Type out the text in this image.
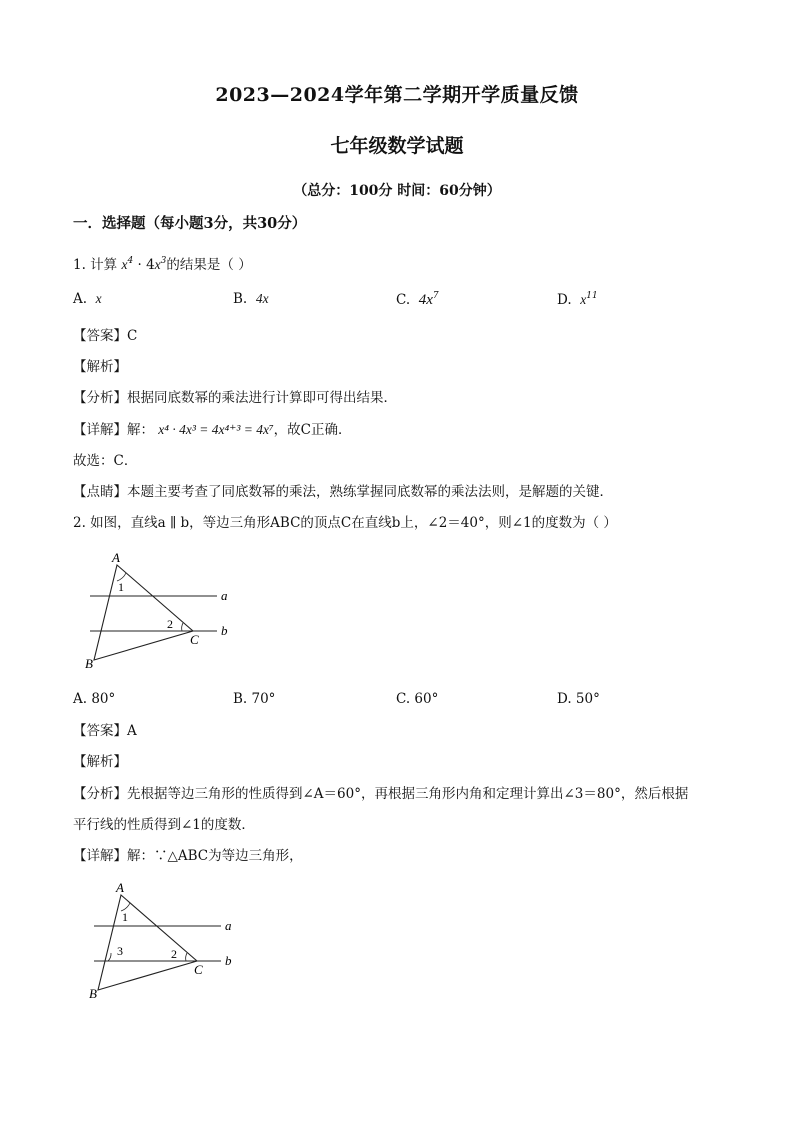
2023—2024学年第二学期开学质量反馈
七年级数学试题
（总分：100分 时间：60分钟）
一．选择题（每小题3分，共30分）
1. 计算 $x^4 \cdot 4x^3$的结果是（ ）
A. x	B. 4x	C. $4x^7$	D. $x^{11}$
【答案】C
【解析】
【分析】根据同底数幂的乘法进行计算即可得出结果．
【详解】解： x⁴ · 4x³ = 4x⁴⁺³ = 4x⁷，故C正确．
故选：C．
【点睛】本题主要考查了同底数幂的乘法，熟练掌握同底数幂的乘法法则，是解题的关键．
2. 如图，直线a ∥ b，等边三角形ABC的顶点C在直线b上，∠2＝40°，则∠1的度数为（ ）
A
B
C
a
b
1
2
A. 80°	B. 70°	C. 60°	D. 50°
【答案】A
【解析】
【分析】先根据等边三角形的性质得到∠A＝60°，再根据三角形内角和定理计算出∠3＝80°，然后根据
平行线的性质得到∠1的度数．
【详解】解：∵△ABC为等边三角形，
A
B
C
a
b
1
2
3
